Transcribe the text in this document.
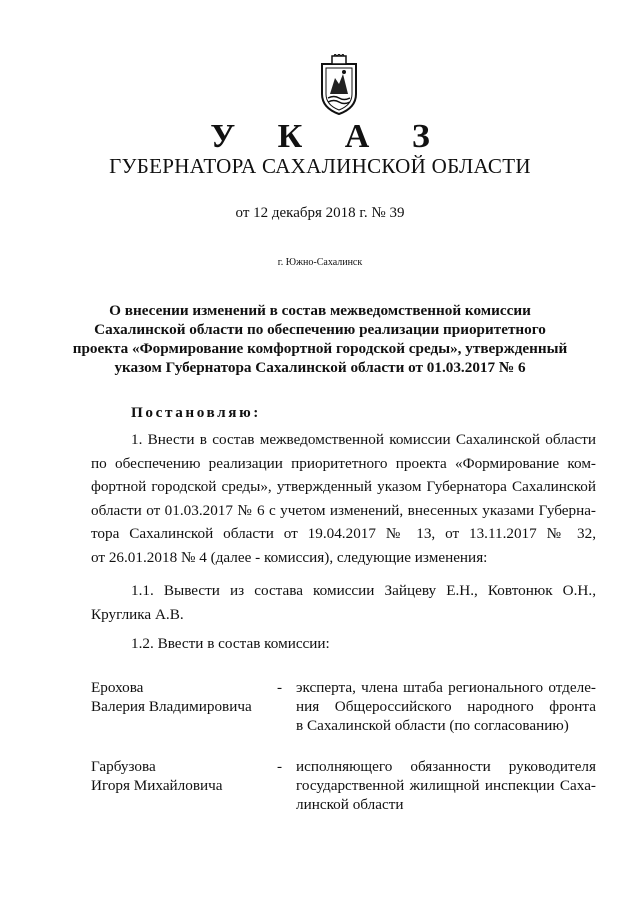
У К А З
ГУБЕРНАТОРА САХАЛИНСКОЙ ОБЛАСТИ
от 12 декабря 2018 г. № 39
г. Южно-Сахалинск
О внесении изменений в состав межведомственной комиссии
Сахалинской области по обеспечению реализации приоритетного
проекта «Формирование комфортной городской среды», утвержденный
указом Губернатора Сахалинской области от 01.03.2017 № 6
Постановляю:
1. Внести в состав межведомственной комиссии Сахалинской области
по обеспечению реализации приоритетного проекта «Формирование ком-
фортной городской среды», утвержденный указом Губернатора Сахалинской
области от 01.03.2017 № 6 с учетом изменений, внесенных указами Губерна-
тора Сахалинской области от 19.04.2017 № 13, от 13.11.2017 № 32,
от 26.01.2018 № 4 (далее - комиссия), следующие изменения:
1.1. Вывести из состава комиссии Зайцеву Е.Н., Ковтонюк О.Н.,
Круглика А.В.
1.2. Ввести в состав комиссии:
Ерохова
Валерия Владимировича
- эксперта, члена штаба регионального отделе-
ния Общероссийского народного фронта
в Сахалинской области (по согласованию)
Гарбузова
Игоря Михайловича
- исполняющего обязанности руководителя
государственной жилищной инспекции Саха-
линской области
